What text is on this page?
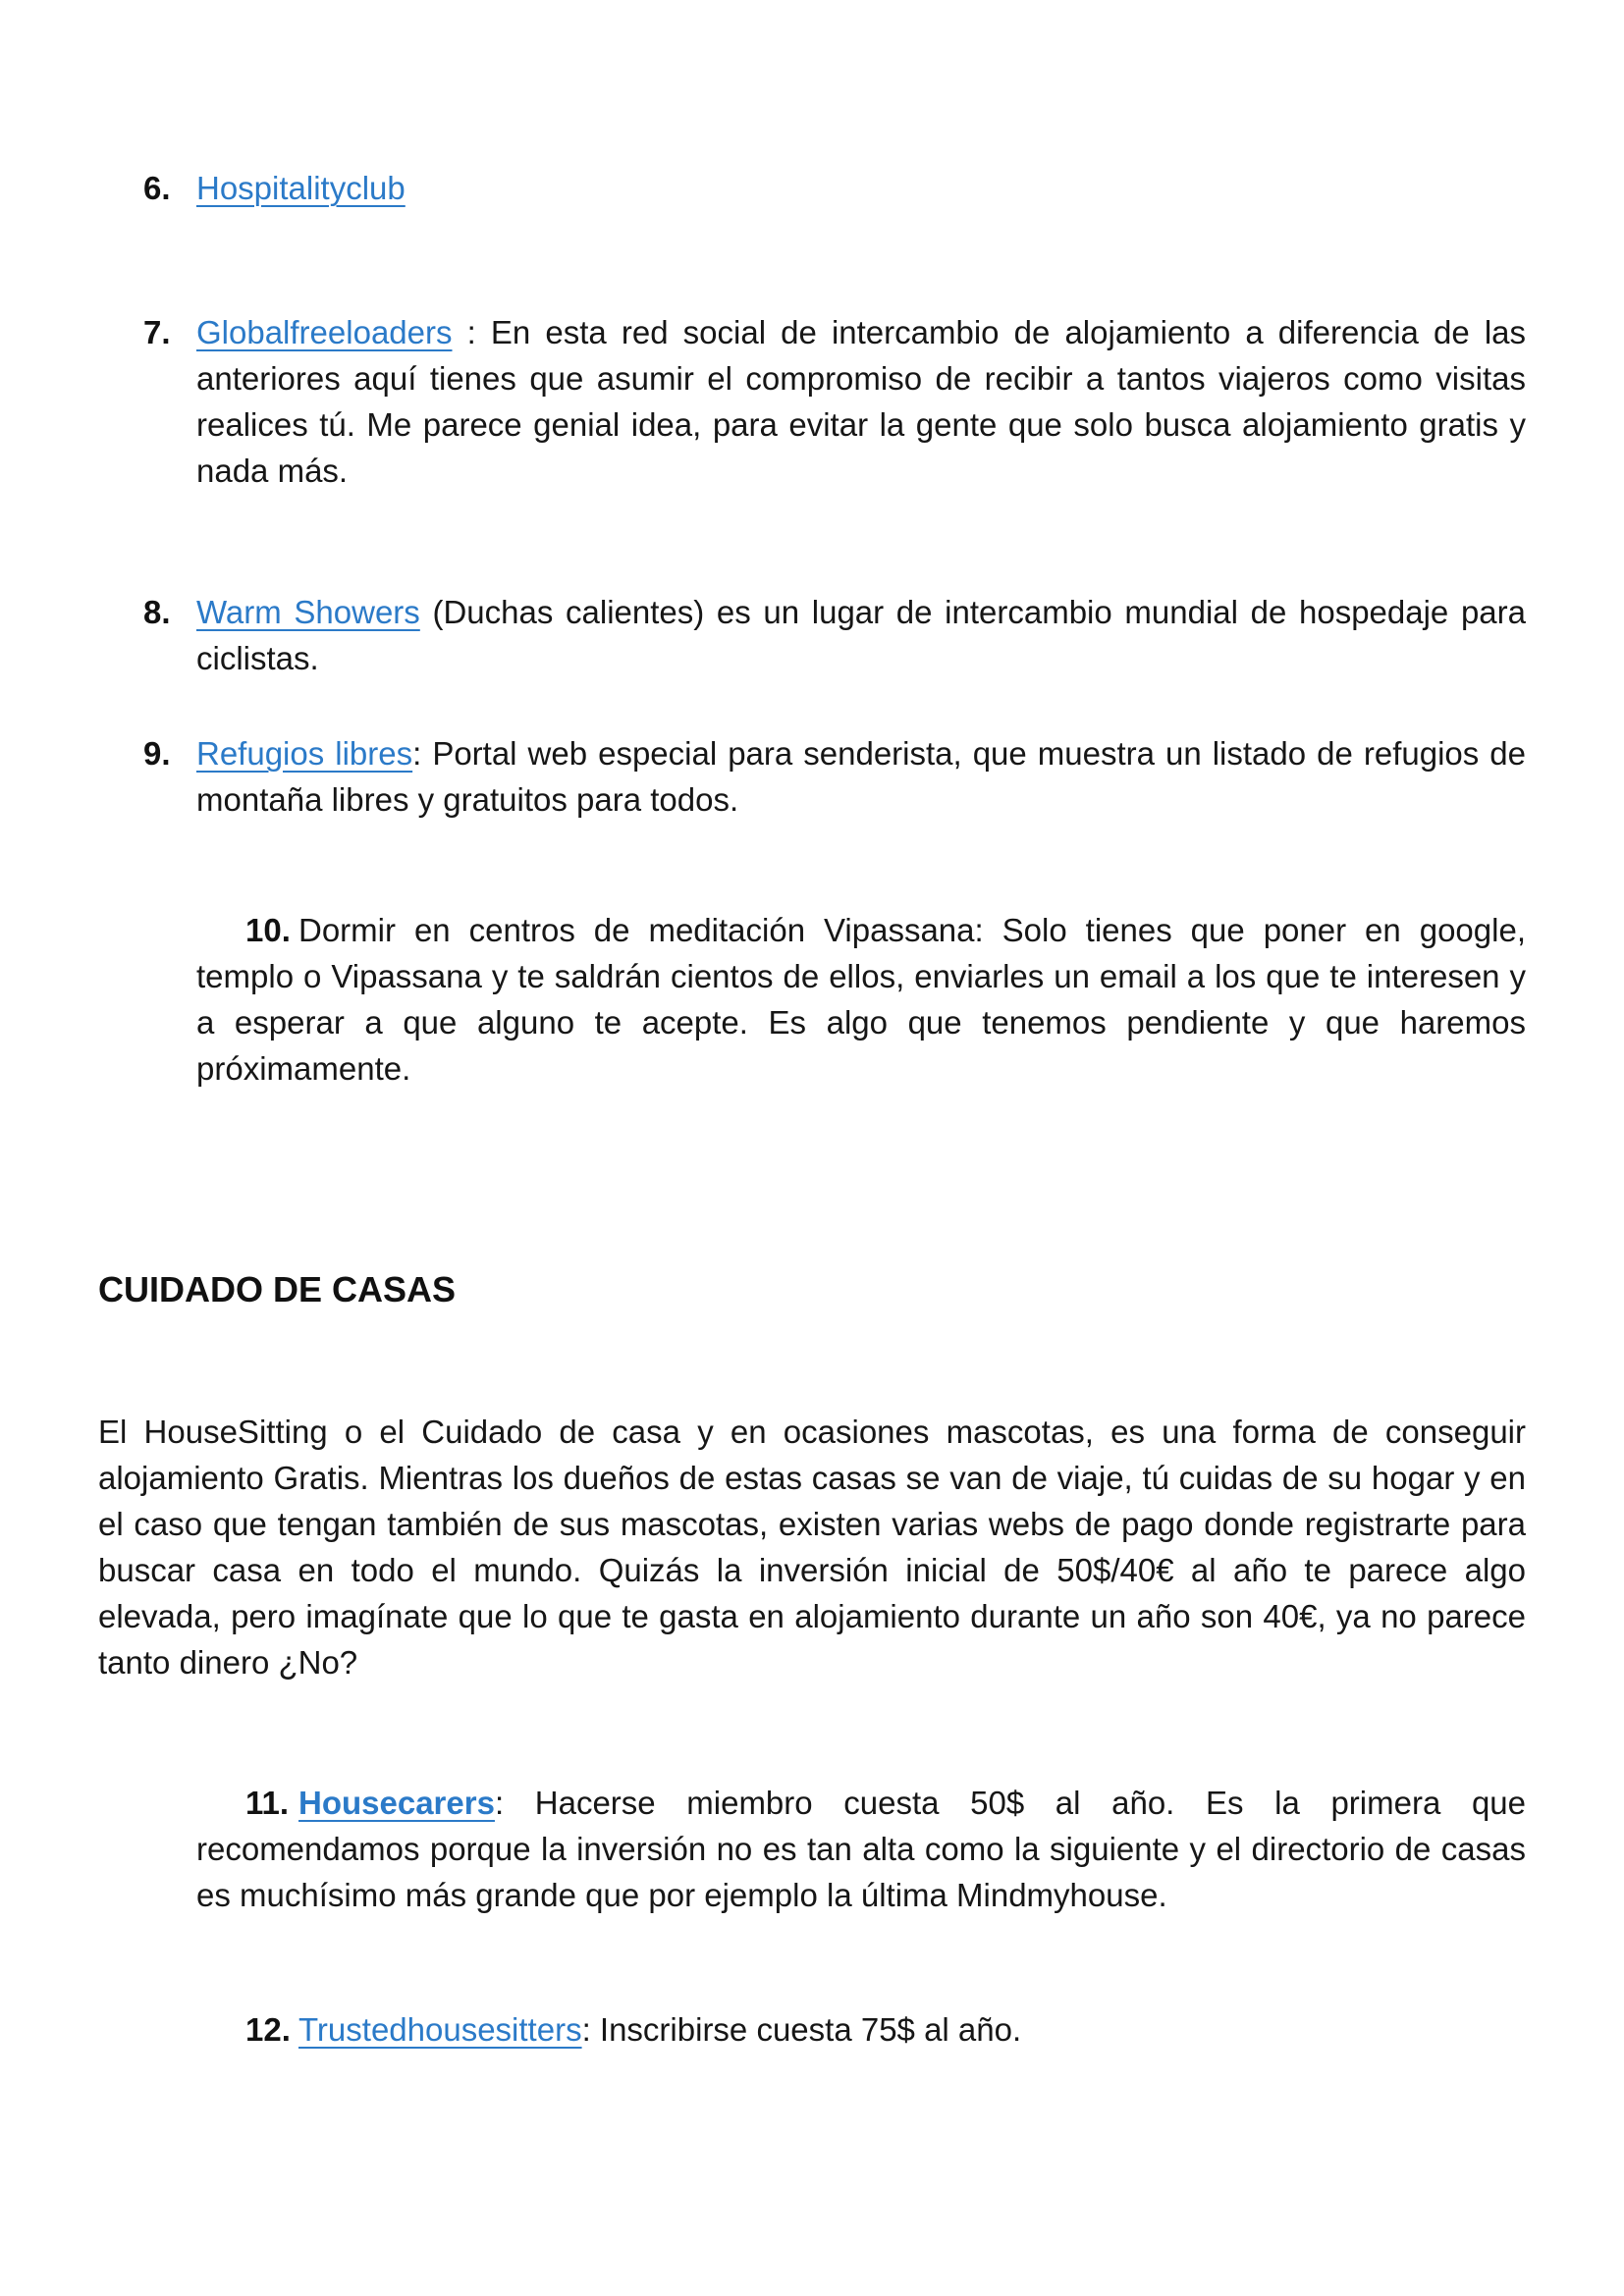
6. Hospitalityclub
7. Globalfreeloaders : En esta red social de intercambio de alojamiento a diferencia de las anteriores aquí tienes que asumir el compromiso de recibir a tantos viajeros como visitas realices tú. Me parece genial idea, para evitar la gente que solo busca alojamiento gratis y nada más.
8. Warm Showers (Duchas calientes) es un lugar de intercambio mundial de hospedaje para ciclistas.
9. Refugios libres: Portal web especial para senderista, que muestra un listado de refugios de montaña libres y gratuitos para todos.
10. Dormir en centros de meditación Vipassana: Solo tienes que poner en google, templo o Vipassana y te saldrán cientos de ellos, enviarles un email a los que te interesen y a esperar a que alguno te acepte. Es algo que tenemos pendiente y que haremos próximamente.
CUIDADO DE CASAS
El HouseSitting o el Cuidado de casa y en ocasiones mascotas, es una forma de conseguir alojamiento Gratis. Mientras los dueños de estas casas se van de viaje, tú cuidas de su hogar y en el caso que tengan también de sus mascotas, existen varias webs de pago donde registrarte para buscar casa en todo el mundo. Quizás la inversión inicial de 50$/40€ al año te parece algo elevada, pero imagínate que lo que te gasta en alojamiento durante un año son 40€, ya no parece tanto dinero ¿No?
11. Housecarers: Hacerse miembro cuesta 50$ al año. Es la primera que recomendamos porque la inversión no es tan alta como la siguiente y el directorio de casas es muchísimo más grande que por ejemplo la última Mindmyhouse.
12. Trustedhousesitters: Inscribirse cuesta 75$ al año.
